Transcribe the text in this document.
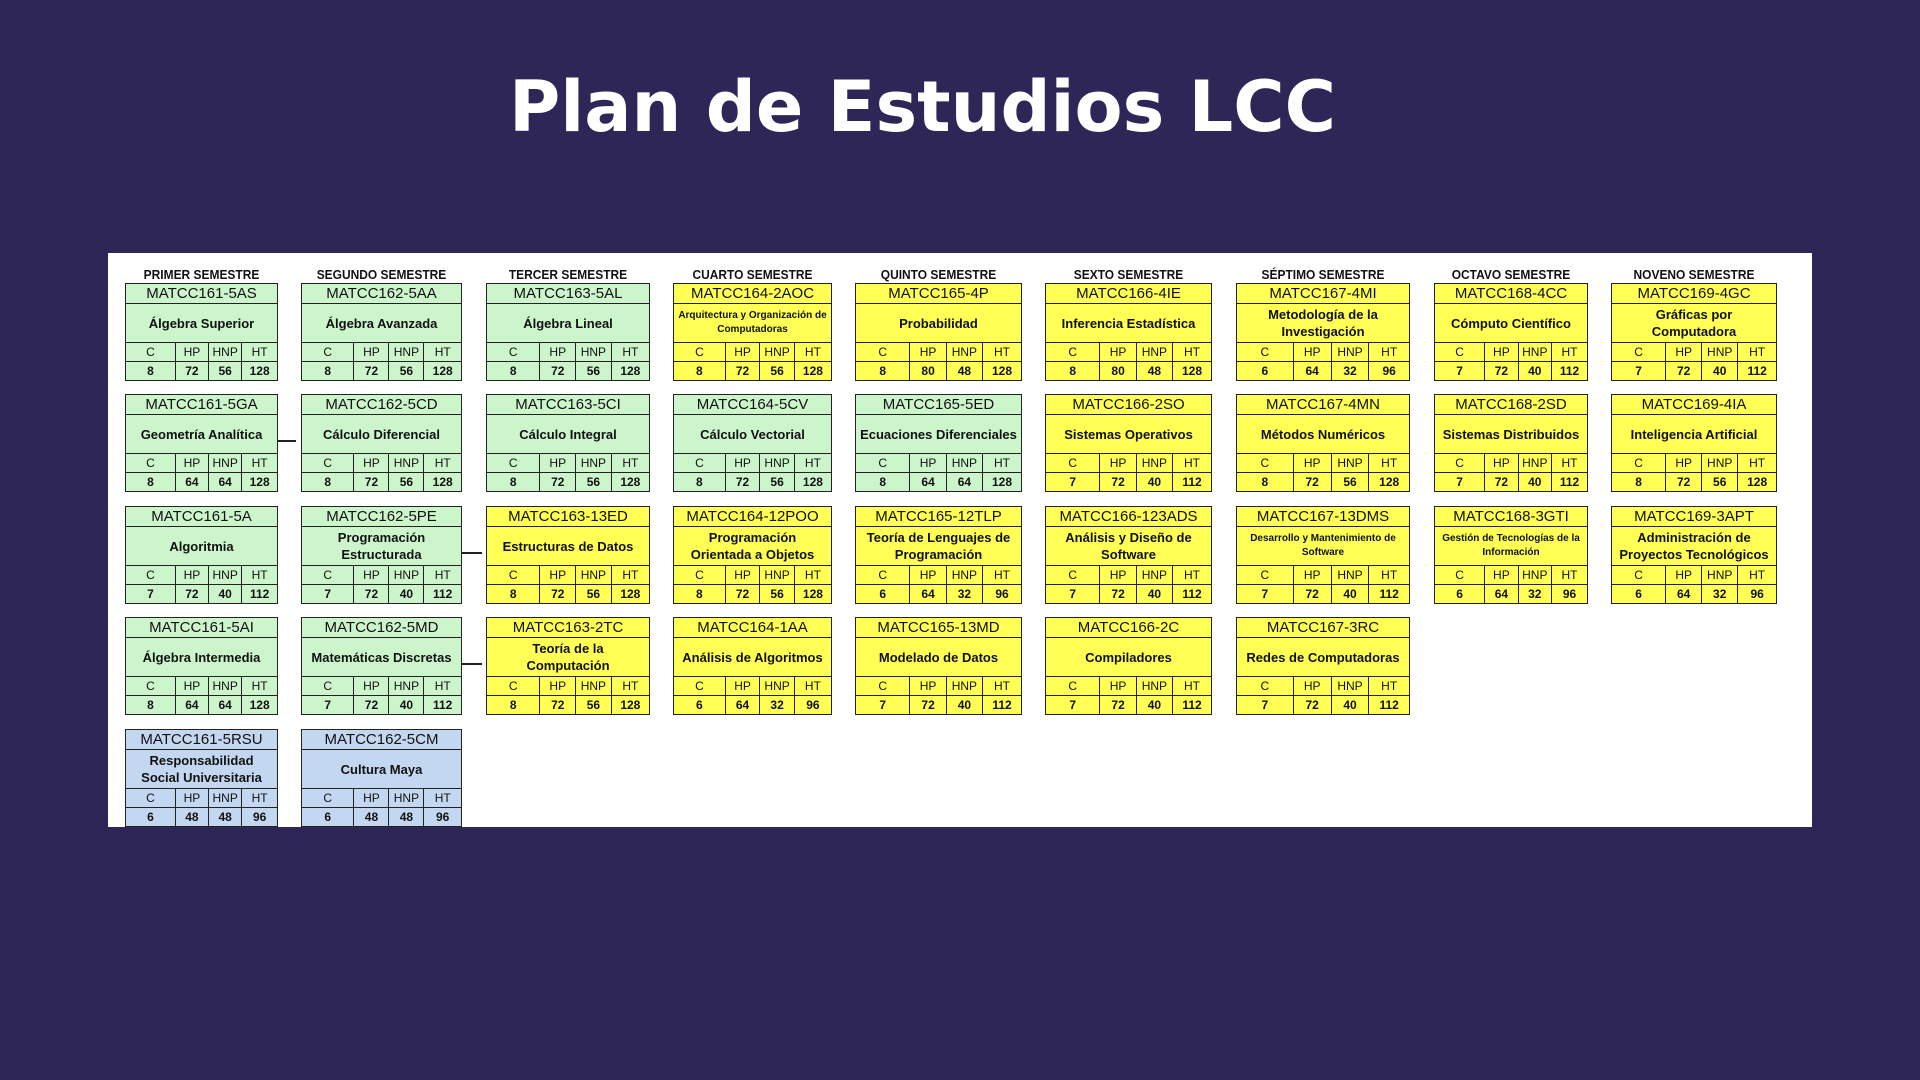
Plan de Estudios LCC
PRIMER SEMESTRE
MATCC161-5AS
Álgebra Superior
C	HP	HNP	HT
8	72	56	128
MATCC161-5GA
Geometría Analítica
C	HP	HNP	HT
8	64	64	128
MATCC161-5A
Algoritmia
C	HP	HNP	HT
7	72	40	112
MATCC161-5AI
Álgebra Intermedia
C	HP	HNP	HT
8	64	64	128
MATCC161-5RSU
Responsabilidad Social Universitaria
C	HP	HNP	HT
6	48	48	96
SEGUNDO SEMESTRE
MATCC162-5AA
Álgebra Avanzada
C	HP	HNP	HT
8	72	56	128
MATCC162-5CD
Cálculo Diferencial
C	HP	HNP	HT
8	72	56	128
MATCC162-5PE
Programación Estructurada
C	HP	HNP	HT
7	72	40	112
MATCC162-5MD
Matemáticas Discretas
C	HP	HNP	HT
7	72	40	112
MATCC162-5CM
Cultura Maya
C	HP	HNP	HT
6	48	48	96
TERCER SEMESTRE
MATCC163-5AL
Álgebra Lineal
C	HP	HNP	HT
8	72	56	128
MATCC163-5CI
Cálculo Integral
C	HP	HNP	HT
8	72	56	128
MATCC163-13ED
Estructuras de Datos
C	HP	HNP	HT
8	72	56	128
MATCC163-2TC
Teoría de la Computación
C	HP	HNP	HT
8	72	56	128
CUARTO SEMESTRE
MATCC164-2AOC
Arquitectura y Organización de Computadoras
C	HP	HNP	HT
8	72	56	128
MATCC164-5CV
Cálculo Vectorial
C	HP	HNP	HT
8	72	56	128
MATCC164-12POO
Programación Orientada a Objetos
C	HP	HNP	HT
8	72	56	128
MATCC164-1AA
Análisis de Algoritmos
C	HP	HNP	HT
6	64	32	96
QUINTO SEMESTRE
MATCC165-4P
Probabilidad
C	HP	HNP	HT
8	80	48	128
MATCC165-5ED
Ecuaciones Diferenciales
C	HP	HNP	HT
8	64	64	128
MATCC165-12TLP
Teoría de Lenguajes de Programación
C	HP	HNP	HT
6	64	32	96
MATCC165-13MD
Modelado de Datos
C	HP	HNP	HT
7	72	40	112
SEXTO SEMESTRE
MATCC166-4IE
Inferencia Estadística
C	HP	HNP	HT
8	80	48	128
MATCC166-2SO
Sistemas Operativos
C	HP	HNP	HT
7	72	40	112
MATCC166-123ADS
Análisis y Diseño de Software
C	HP	HNP	HT
7	72	40	112
MATCC166-2C
Compiladores
C	HP	HNP	HT
7	72	40	112
SÉPTIMO SEMESTRE
MATCC167-4MI
Metodología de la Investigación
C	HP	HNP	HT
6	64	32	96
MATCC167-4MN
Métodos Numéricos
C	HP	HNP	HT
8	72	56	128
MATCC167-13DMS
Desarrollo y Mantenimiento de Software
C	HP	HNP	HT
7	72	40	112
MATCC167-3RC
Redes de Computadoras
C	HP	HNP	HT
7	72	40	112
OCTAVO SEMESTRE
MATCC168-4CC
Cómputo Científico
C	HP	HNP	HT
7	72	40	112
MATCC168-2SD
Sistemas Distribuidos
C	HP	HNP	HT
7	72	40	112
MATCC168-3GTI
Gestión de Tecnologías de la Información
C	HP	HNP	HT
6	64	32	96
NOVENO SEMESTRE
MATCC169-4GC
Gráficas por Computadora
C	HP	HNP	HT
7	72	40	112
MATCC169-4IA
Inteligencia Artificial
C	HP	HNP	HT
8	72	56	128
MATCC169-3APT
Administración de Proyectos Tecnológicos
C	HP	HNP	HT
6	64	32	96
